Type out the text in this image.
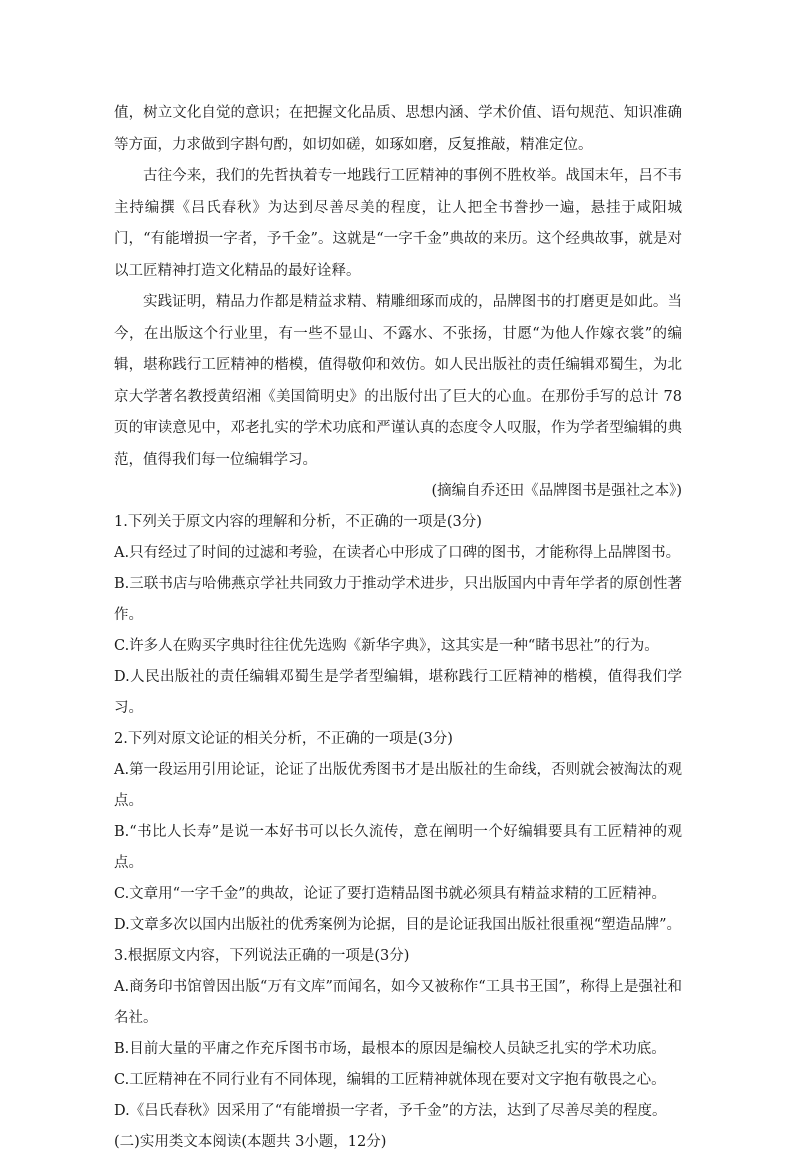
值，树立文化自觉的意识；在把握文化品质、思想内涵、学术价值、语句规范、知识准确等方面，力求做到字斟句酌，如切如磋，如琢如磨，反复推敲，精准定位。

古往今来，我们的先哲执着专一地践行工匠精神的事例不胜枚举。战国末年，吕不韦主持编撰《吕氏春秋》为达到尽善尽美的程度，让人把全书誊抄一遍，悬挂于咸阳城门，“有能增损一字者，予千金”。这就是“一字千金”典故的来历。这个经典故事，就是对以工匠精神打造文化精品的最好诠释。

实践证明，精品力作都是精益求精、精雕细琢而成的，品牌图书的打磨更是如此。当今，在出版这个行业里，有一些不显山、不露水、不张扬，甘愿“为他人作嫁衣裳”的编辑，堪称践行工匠精神的楷模，值得敬仰和效仿。如人民出版社的责任编辑邓蜀生，为北京大学著名教授黄绍湘《美国简明史》的出版付出了巨大的心血。在那份手写的总计 78页的审读意见中，邓老扎实的学术功底和严谨认真的态度令人叹服，作为学者型编辑的典范，值得我们每一位编辑学习。

(摘编自乔还田《品牌图书是强社之本》)

1.下列关于原文内容的理解和分析，不正确的一项是(3分)

A.只有经过了时间的过滤和考验，在读者心中形成了口碑的图书，才能称得上品牌图书。

B.三联书店与哈佛燕京学社共同致力于推动学术进步，只出版国内中青年学者的原创性著作。

C.许多人在购买字典时往往优先选购《新华字典》，这其实是一种“睹书思社”的行为。

D.人民出版社的责任编辑邓蜀生是学者型编辑，堪称践行工匠精神的楷模，值得我们学习。

2.下列对原文论证的相关分析，不正确的一项是(3分)

A.第一段运用引用论证，论证了出版优秀图书才是出版社的生命线，否则就会被淘汰的观点。

B.“书比人长寿”是说一本好书可以长久流传，意在阐明一个好编辑要具有工匠精神的观点。

C.文章用“一字千金”的典故，论证了要打造精品图书就必须具有精益求精的工匠精神。

D.文章多次以国内出版社的优秀案例为论据，目的是论证我国出版社很重视“塑造品牌”。

3.根据原文内容，下列说法正确的一项是(3分)

A.商务印书馆曾因出版“万有文库”而闻名，如今又被称作“工具书王国”，称得上是强社和名社。

B.目前大量的平庸之作充斥图书市场，最根本的原因是编校人员缺乏扎实的学术功底。

C.工匠精神在不同行业有不同体现，编辑的工匠精神就体现在要对文字抱有敬畏之心。

D.《吕氏春秋》因采用了“有能增损一字者，予千金”的方法，达到了尽善尽美的程度。

(二)实用类文本阅读(本题共 3小题，12分)
